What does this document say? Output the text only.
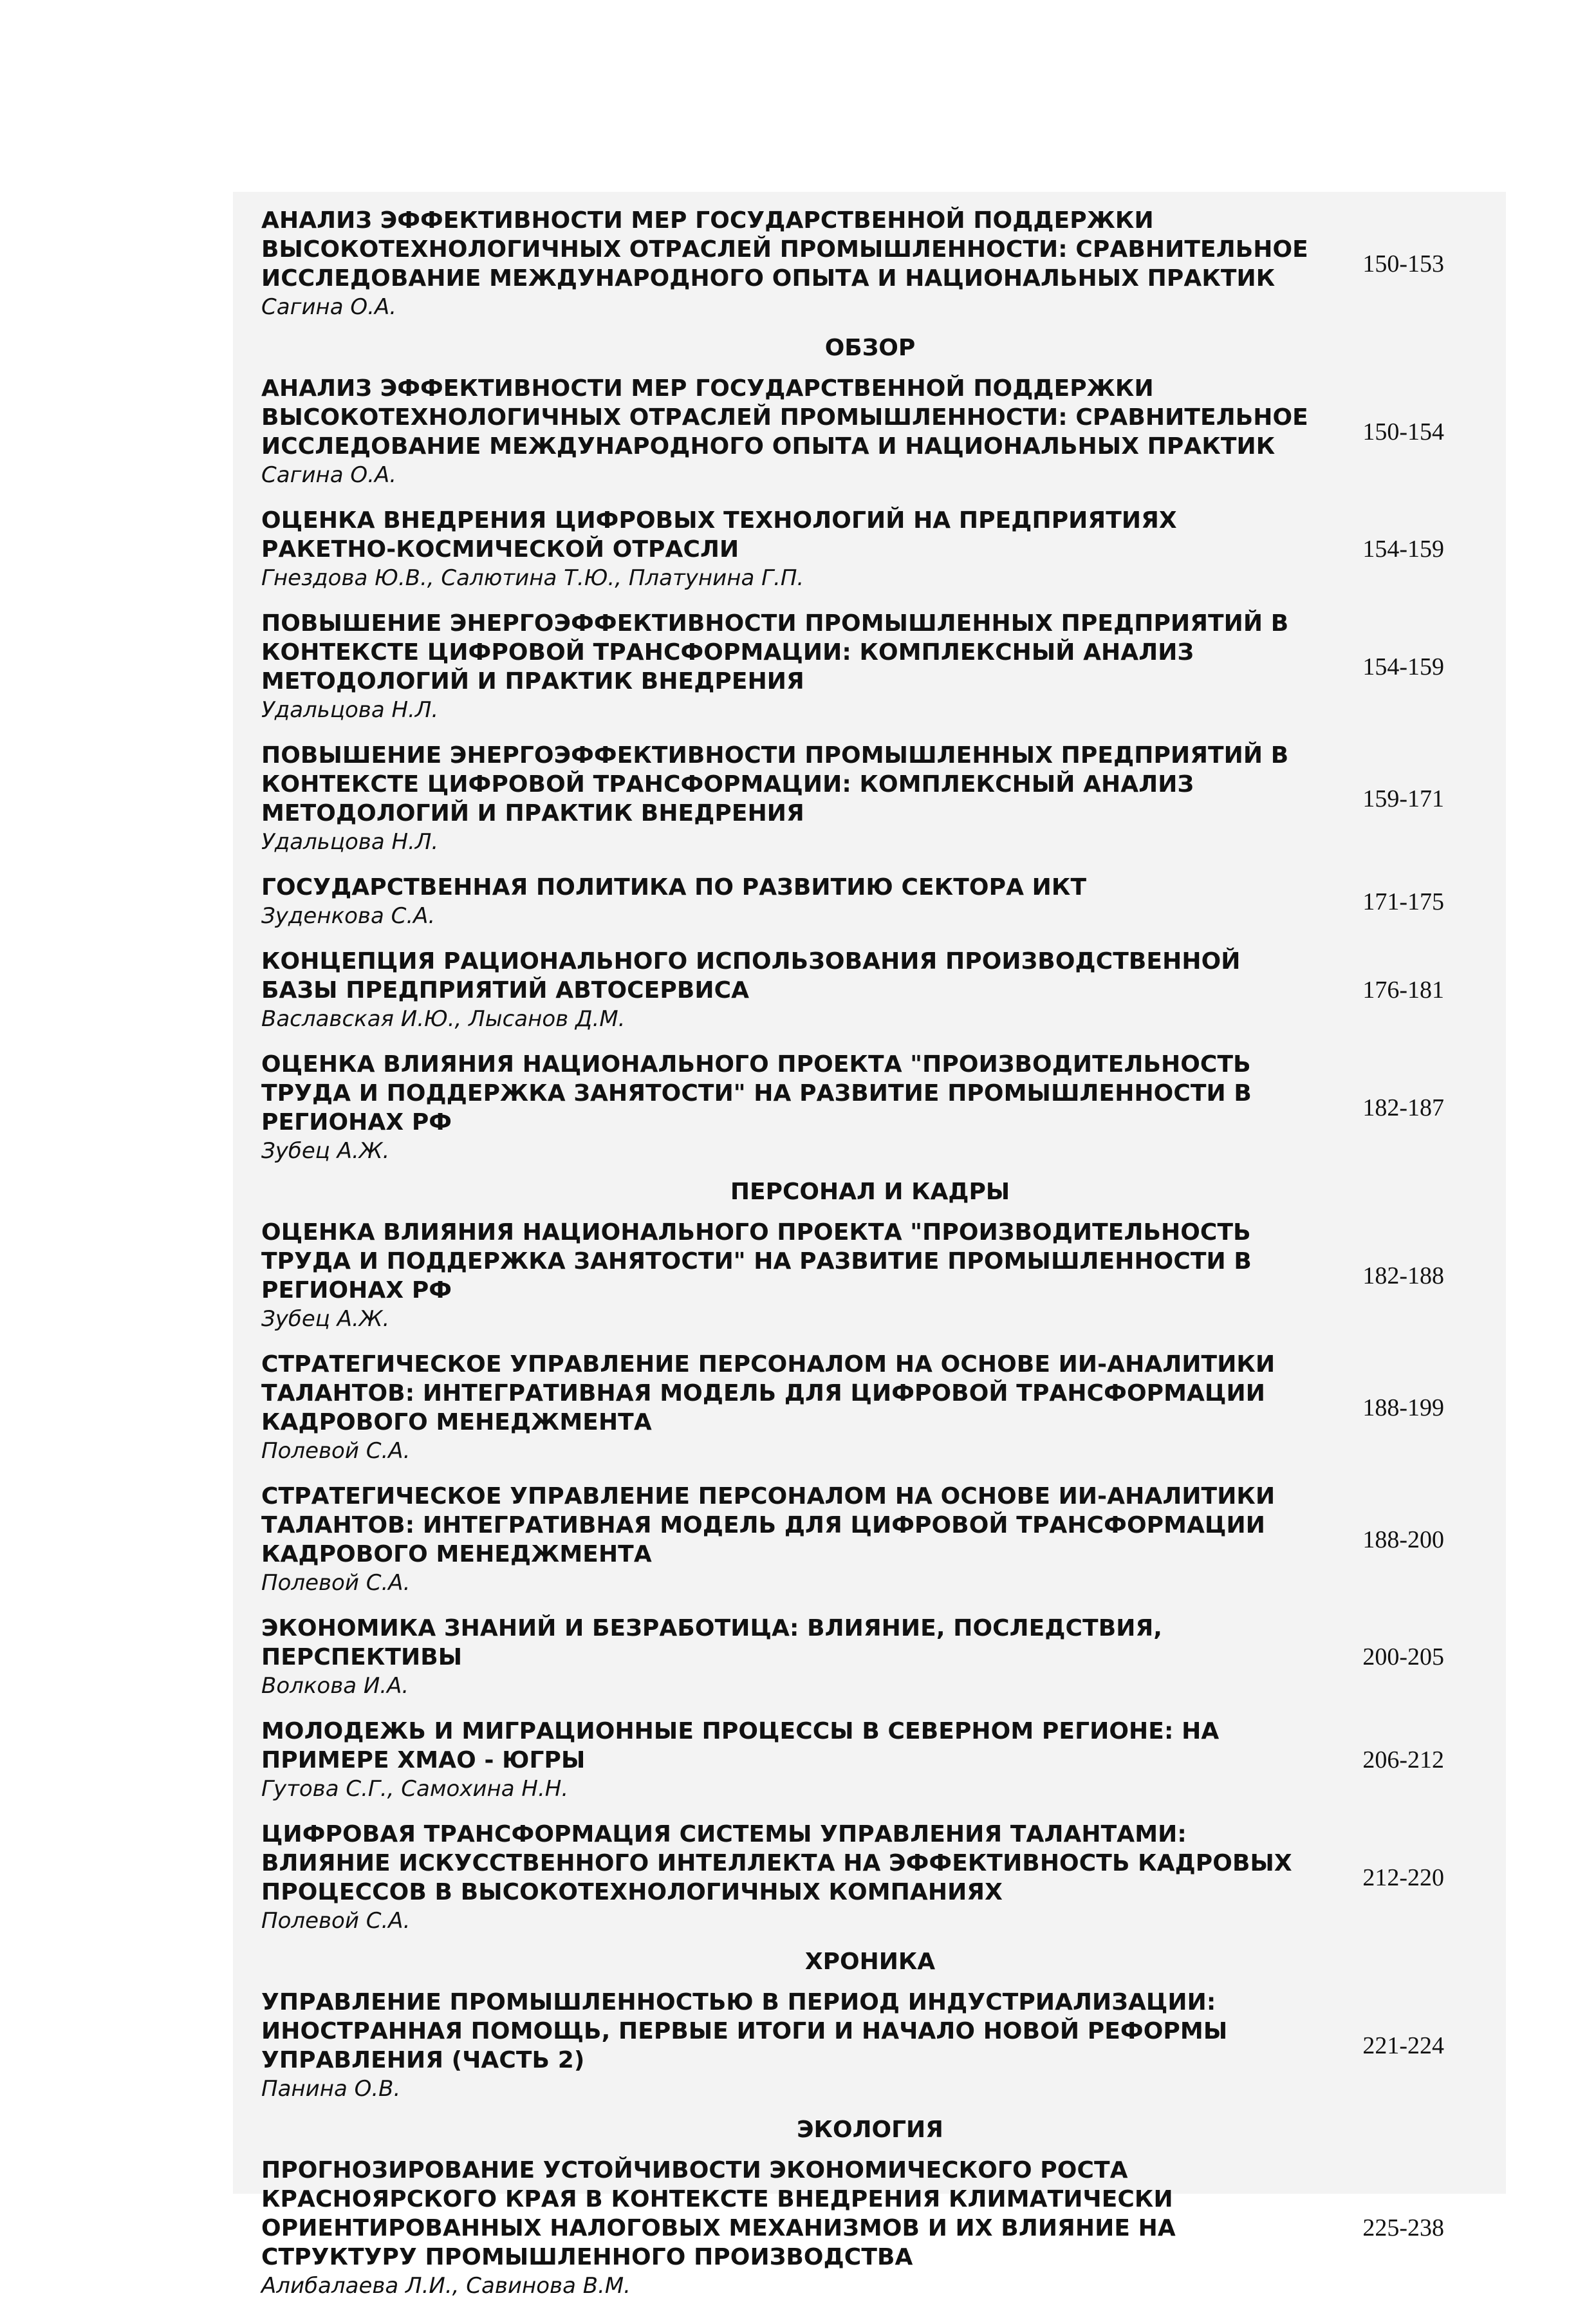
АНАЛИЗ ЭФФЕКТИВНОСТИ МЕР ГОСУДАРСТВЕННОЙ ПОДДЕРЖКИ ВЫСОКОТЕХНОЛОГИЧНЫХ ОТРАСЛЕЙ ПРОМЫШЛЕННОСТИ: СРАВНИТЕЛЬНОЕ ИССЛЕДОВАНИЕ МЕЖДУНАРОДНОГО ОПЫТА И НАЦИОНАЛЬНЫХ ПРАКТИК
Сагина О.А.
150-153
ОБЗОР
АНАЛИЗ ЭФФЕКТИВНОСТИ МЕР ГОСУДАРСТВЕННОЙ ПОДДЕРЖКИ ВЫСОКОТЕХНОЛОГИЧНЫХ ОТРАСЛЕЙ ПРОМЫШЛЕННОСТИ: СРАВНИТЕЛЬНОЕ ИССЛЕДОВАНИЕ МЕЖДУНАРОДНОГО ОПЫТА И НАЦИОНАЛЬНЫХ ПРАКТИК
Сагина О.А.
150-154
ОЦЕНКА ВНЕДРЕНИЯ ЦИФРОВЫХ ТЕХНОЛОГИЙ НА ПРЕДПРИЯТИЯХ РАКЕТНО-КОСМИЧЕСКОЙ ОТРАСЛИ
Гнездова Ю.В., Салютина Т.Ю., Платунина Г.П.
154-159
ПОВЫШЕНИЕ ЭНЕРГОЭФФЕКТИВНОСТИ ПРОМЫШЛЕННЫХ ПРЕДПРИЯТИЙ В КОНТЕКСТЕ ЦИФРОВОЙ ТРАНСФОРМАЦИИ: КОМПЛЕКСНЫЙ АНАЛИЗ МЕТОДОЛОГИЙ И ПРАКТИК ВНЕДРЕНИЯ
Удальцова Н.Л.
154-159
ПОВЫШЕНИЕ ЭНЕРГОЭФФЕКТИВНОСТИ ПРОМЫШЛЕННЫХ ПРЕДПРИЯТИЙ В КОНТЕКСТЕ ЦИФРОВОЙ ТРАНСФОРМАЦИИ: КОМПЛЕКСНЫЙ АНАЛИЗ МЕТОДОЛОГИЙ И ПРАКТИК ВНЕДРЕНИЯ
Удальцова Н.Л.
159-171
ГОСУДАРСТВЕННАЯ ПОЛИТИКА ПО РАЗВИТИЮ СЕКТОРА ИКТ
Зуденкова С.А.
171-175
КОНЦЕПЦИЯ РАЦИОНАЛЬНОГО ИСПОЛЬЗОВАНИЯ ПРОИЗВОДСТВЕННОЙ БАЗЫ ПРЕДПРИЯТИЙ АВТОСЕРВИСА
Ваславская И.Ю., Лысанов Д.М.
176-181
ОЦЕНКА ВЛИЯНИЯ НАЦИОНАЛЬНОГО ПРОЕКТА "ПРОИЗВОДИТЕЛЬНОСТЬ ТРУДА И ПОДДЕРЖКА ЗАНЯТОСТИ" НА РАЗВИТИЕ ПРОМЫШЛЕННОСТИ В РЕГИОНАХ РФ
Зубец А.Ж.
182-187
ПЕРСОНАЛ И КАДРЫ
ОЦЕНКА ВЛИЯНИЯ НАЦИОНАЛЬНОГО ПРОЕКТА "ПРОИЗВОДИТЕЛЬНОСТЬ ТРУДА И ПОДДЕРЖКА ЗАНЯТОСТИ" НА РАЗВИТИЕ ПРОМЫШЛЕННОСТИ В РЕГИОНАХ РФ
Зубец А.Ж.
182-188
СТРАТЕГИЧЕСКОЕ УПРАВЛЕНИЕ ПЕРСОНАЛОМ НА ОСНОВЕ ИИ-АНАЛИТИКИ ТАЛАНТОВ: ИНТЕГРАТИВНАЯ МОДЕЛЬ ДЛЯ ЦИФРОВОЙ ТРАНСФОРМАЦИИ КАДРОВОГО МЕНЕДЖМЕНТА
Полевой С.А.
188-199
СТРАТЕГИЧЕСКОЕ УПРАВЛЕНИЕ ПЕРСОНАЛОМ НА ОСНОВЕ ИИ-АНАЛИТИКИ ТАЛАНТОВ: ИНТЕГРАТИВНАЯ МОДЕЛЬ ДЛЯ ЦИФРОВОЙ ТРАНСФОРМАЦИИ КАДРОВОГО МЕНЕДЖМЕНТА
Полевой С.А.
188-200
ЭКОНОМИКА ЗНАНИЙ И БЕЗРАБОТИЦА: ВЛИЯНИЕ, ПОСЛЕДСТВИЯ, ПЕРСПЕКТИВЫ
Волкова И.А.
200-205
МОЛОДЕЖЬ И МИГРАЦИОННЫЕ ПРОЦЕССЫ В СЕВЕРНОМ РЕГИОНЕ: НА ПРИМЕРЕ ХМАО - ЮГРЫ
Гутова С.Г., Самохина Н.Н.
206-212
ЦИФРОВАЯ ТРАНСФОРМАЦИЯ СИСТЕМЫ УПРАВЛЕНИЯ ТАЛАНТАМИ: ВЛИЯНИЕ ИСКУССТВЕННОГО ИНТЕЛЛЕКТА НА ЭФФЕКТИВНОСТЬ КАДРОВЫХ ПРОЦЕССОВ В ВЫСОКОТЕХНОЛОГИЧНЫХ КОМПАНИЯХ
Полевой С.А.
212-220
ХРОНИКА
УПРАВЛЕНИЕ ПРОМЫШЛЕННОСТЬЮ В ПЕРИОД ИНДУСТРИАЛИЗАЦИИ: ИНОСТРАННАЯ ПОМОЩЬ, ПЕРВЫЕ ИТОГИ И НАЧАЛО НОВОЙ РЕФОРМЫ УПРАВЛЕНИЯ (ЧАСТЬ 2)
Панина О.В.
221-224
ЭКОЛОГИЯ
ПРОГНОЗИРОВАНИЕ УСТОЙЧИВОСТИ ЭКОНОМИЧЕСКОГО РОСТА КРАСНОЯРСКОГО КРАЯ В КОНТЕКСТЕ ВНЕДРЕНИЯ КЛИМАТИЧЕСКИ ОРИЕНТИРОВАННЫХ НАЛОГОВЫХ МЕХАНИЗМОВ И ИХ ВЛИЯНИЕ НА СТРУКТУРУ ПРОМЫШЛЕННОГО ПРОИЗВОДСТВА
Алибалаева Л.И., Савинова В.М.
225-238
